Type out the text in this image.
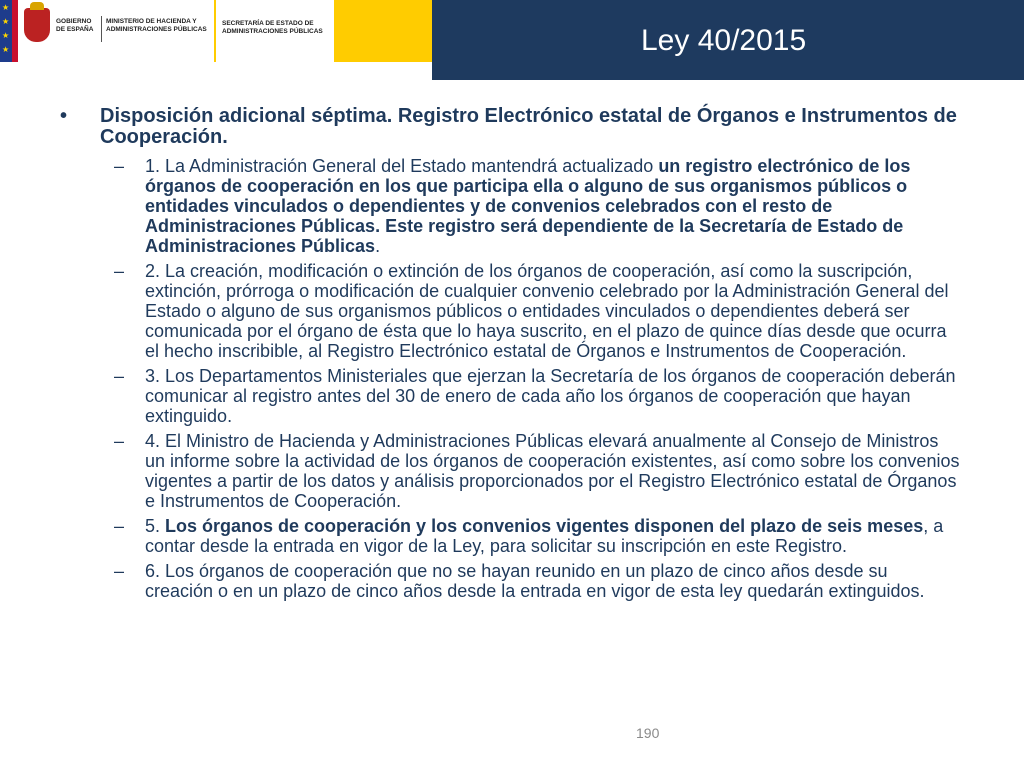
★
★
★
★
GOBIERNO DE ESPAÑA
MINISTERIO DE HACIENDA Y ADMINISTRACIONES PÚBLICAS
SECRETARÍA DE ESTADO DE ADMINISTRACIONES PÚBLICAS	Ley 40/2015
• Disposición adicional séptima. Registro Electrónico estatal de Órganos e Instrumentos de Cooperación.
– 1. La Administración General del Estado mantendrá actualizado un registro electrónico de los órganos de cooperación en los que participa ella o alguno de sus organismos públicos o entidades vinculados o dependientes y de convenios celebrados con el resto de Administraciones Públicas. Este registro será dependiente de la Secretaría de Estado de Administraciones Públicas.
– 2. La creación, modificación o extinción de los órganos de cooperación, así como la suscripción, extinción, prórroga o modificación de cualquier convenio celebrado por la Administración General del Estado o alguno de sus organismos públicos o entidades vinculados o dependientes deberá ser comunicada por el órgano de ésta que lo haya suscrito, en el plazo de quince días desde que ocurra el hecho inscribible, al Registro Electrónico estatal de Órganos e Instrumentos de Cooperación.
– 3. Los Departamentos Ministeriales que ejerzan la Secretaría de los órganos de cooperación deberán comunicar al registro antes del 30 de enero de cada año los órganos de cooperación que hayan extinguido.
– 4. El Ministro de Hacienda y Administraciones Públicas elevará anualmente al Consejo de Ministros un informe sobre la actividad de los órganos de cooperación existentes, así como sobre los convenios vigentes a partir de los datos y análisis proporcionados por el Registro Electrónico estatal de Órganos e Instrumentos de Cooperación.
– 5. Los órganos de cooperación y los convenios vigentes disponen del plazo de seis meses, a contar desde la entrada en vigor de la Ley, para solicitar su inscripción en este Registro.
– 6. Los órganos de cooperación que no se hayan reunido en un plazo de cinco años desde su creación o en un plazo de cinco años desde la entrada en vigor de esta ley quedarán extinguidos.
190
